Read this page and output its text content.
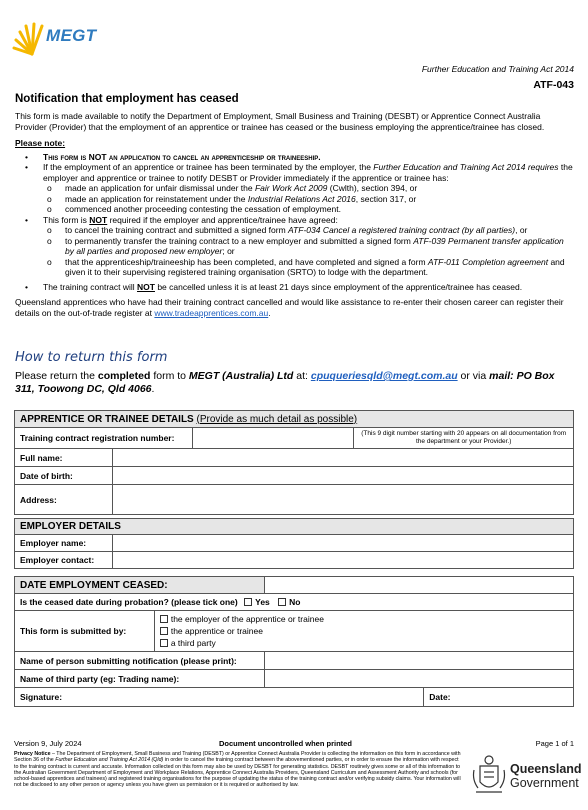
MEGT
Further Education and Training Act 2014
ATF-043
Notification that employment has ceased

This form is made available to notify the Department of Employment, Small Business and Training (DESBT) or Apprentice Connect Australia Provider (Provider) that the employment of an apprentice or trainee has ceased or the business employing the apprentice/trainee has closed.

Please note:
• This form is NOT an application to cancel an apprenticeship or traineeship.
• If the employment of an apprentice or trainee has been terminated by the employer, the Further Education and Training Act 2014 requires the employer and apprentice or trainee to notify DESBT or Provider immediately if the apprentice or trainee has:
o made an application for unfair dismissal under the Fair Work Act 2009 (Cwlth), section 394, or
o made an application for reinstatement under the Industrial Relations Act 2016, section 317, or
o commenced another proceeding contesting the cessation of employment.
• This form is NOT required if the employer and apprentice/trainee have agreed:
o to cancel the training contract and submitted a signed form ATF-034 Cancel a registered training contract (by all parties), or
o to permanently transfer the training contract to a new employer and submitted a signed form ATF-039 Permanent transfer application by all parties and proposed new employer; or
o that the apprenticeship/traineeship has been completed, and have completed and signed a form ATF-011 Completion agreement and given it to their supervising registered training organisation (SRTO) to lodge with the department.
• The training contract will NOT be cancelled unless it is at least 21 days since employment of the apprentice/trainee has ceased.

Queensland apprentices who have had their training contract cancelled and would like assistance to re-enter their chosen career can register their details on the out-of-trade register at www.tradeapprentices.com.au.

How to return this form
Please return the completed form to MEGT (Australia) Ltd at: cpuqueriesqld@megt.com.au or via mail: PO Box 311, Toowong DC, Qld 4066.
APPRENTICE OR TRAINEE DETAILS (Provide as much detail as possible)			
Training contract registration number:			(This 9 digit number starting with 20 appears on all documentation from the department or your Provider.)
Full name:			
Date of birth:			
Address:			
EMPLOYER DETAILS	
Employer name:	
Employer contact:	
DATE EMPLOYMENT CEASED:			
Is the ceased date during probation? (please tick one) Yes No			
This form is submitted by:	the employer of the apprentice or trainee
the apprentice or trainee
a third party		

Name of person submitting notification (please print):			
Name of third party (eg: Trading name):			
Signature:			Date:
Version 9, July 2024	Document uncontrolled when printed	Page 1 of 1
Privacy Notice – The Department of Employment, Small Business and Training (DESBT) or Apprentice Connect Australia Provider is collecting the information on this form in accordance with Section 36 of the Further Education and Training Act 2014 (Qld) in order to cancel the training contract between the abovementioned parties, or in order to ensure the information with respect to the training contract is current and accurate. Information collected on this form may also be used by DESBT for generating statistics. DESBT routinely gives some or all of this information to the Australian Government Department of Employment and Workplace Relations, Apprentice Connect Australia Providers, Queensland Curriculum and Assessment Authority and schools (for school-based apprentices and trainees) and registered training organisations for the purpose of updating the status of the training contract and/or verifying subsidy claims. Your information will not be disclosed to any other person or agency unless you have given us permission or it is required or authorised by law.
Queensland
Government
